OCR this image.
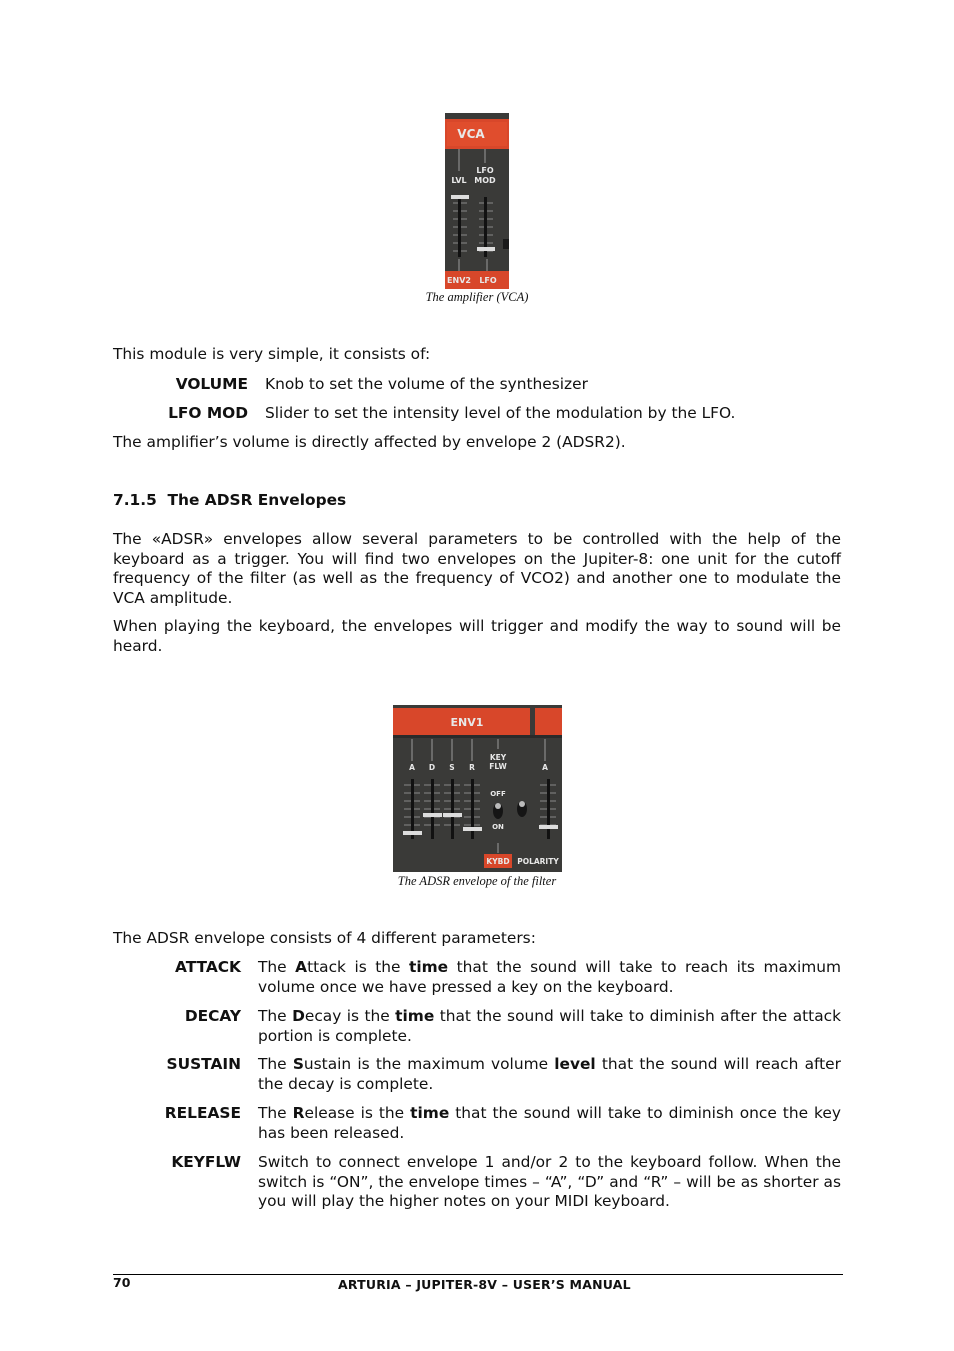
VCA
LVL
LFO
MOD
ENV2 LFO
The amplifier (VCA)
This module is very simple, it consists of:
VOLUME Knob to set the volume of the synthesizer
LFO MOD Slider to set the intensity level of the modulation by the LFO.
The amplifier’s volume is directly affected by envelope 2 (ADSR2).
7.1.5 The ADSR Envelopes
The «ADSR» envelopes allow several parameters to be controlled with the help of the keyboard as a trigger. You will find two envelopes on the Jupiter-8: one unit for the cutoff frequency of the filter (as well as the frequency of VCO2) and another one to modulate the VCA amplitude.
When playing the keyboard, the envelopes will trigger and modify the way to sound will be heard.
ENV1
A D S R
KEY
FLW	A
OFF
ON
KYBD POLARITY
The ADSR envelope of the filter
The ADSR envelope consists of 4 different parameters:
ATTACK The Attack is the time that the sound will take to reach its maximum volume once we have pressed a key on the keyboard.
DECAY The Decay is the time that the sound will take to diminish after the attack portion is complete.
SUSTAIN The Sustain is the maximum volume level that the sound will reach after the decay is complete.
RELEASE The Release is the time that the sound will take to diminish once the key has been released.
KEYFLW Switch to connect envelope 1 and/or 2 to the keyboard follow. When the switch is “ON”, the envelope times – “A”, “D” and “R” – will be as shorter as you will play the higher notes on your MIDI keyboard.
70	ARTURIA – JUPITER-8V – USER’S MANUAL
